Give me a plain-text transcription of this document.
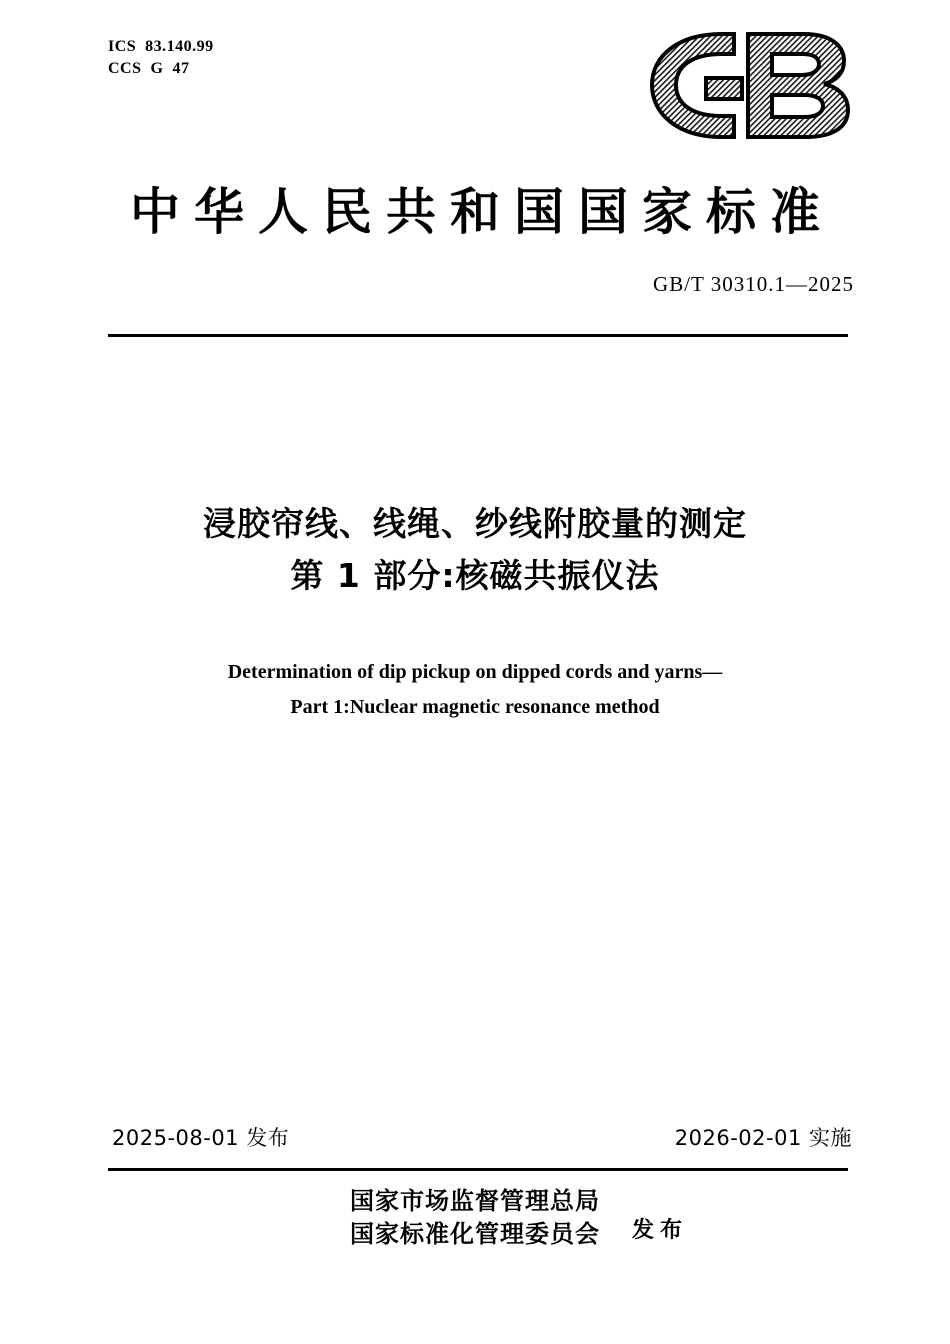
ICS  83.140.99
CCS  G  47
中华人民共和国国家标准
GB/T 30310.1—2025
浸胶帘线、线绳、纱线附胶量的测定
第 1 部分:核磁共振仪法
Determination of dip pickup on dipped cords and yarns—
Part 1:Nuclear magnetic resonance method
2025-08-01 发布	2026-02-01 实施
国家市场监督管理总局
国家标准化管理委员会 发布
